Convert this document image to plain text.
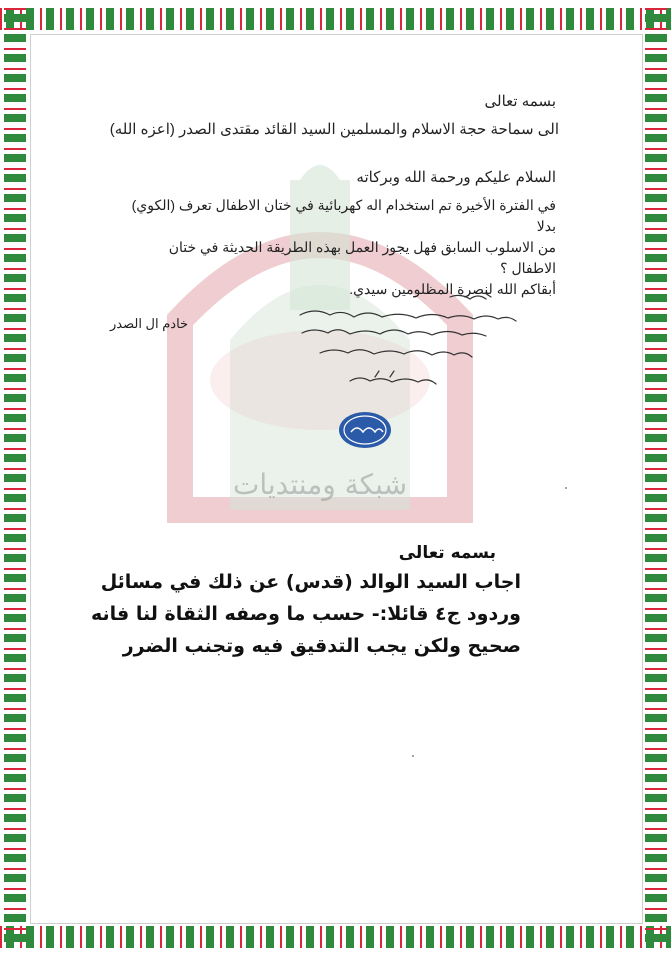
شبكة ومنتديات
بسمه تعالى
الى سماحة حجة الاسلام والمسلمين السيد القائد مقتدى الصدر (اعزه الله)
السلام عليكم ورحمة الله وبركاته
في الفترة الأخيرة تم استخدام اله كهربائية في ختان الاطفال تعرف (الكوي) بدلا
من الاسلوب السابق فهل يجوز العمل بهذه الطريقة الحديثة في ختان الاطفال ؟
أبقاكم الله لنصرة المظلومين سيدي.
خادم ال الصدر
بسمه تعالى
اجاب السيد الوالد (قدس) عن ذلك في مسائل
وردود ج٤ قائلا:- حسب ما وصفه الثقاة لنا فانه
صحيح ولكن يجب التدقيق فيه وتجنب الضرر
